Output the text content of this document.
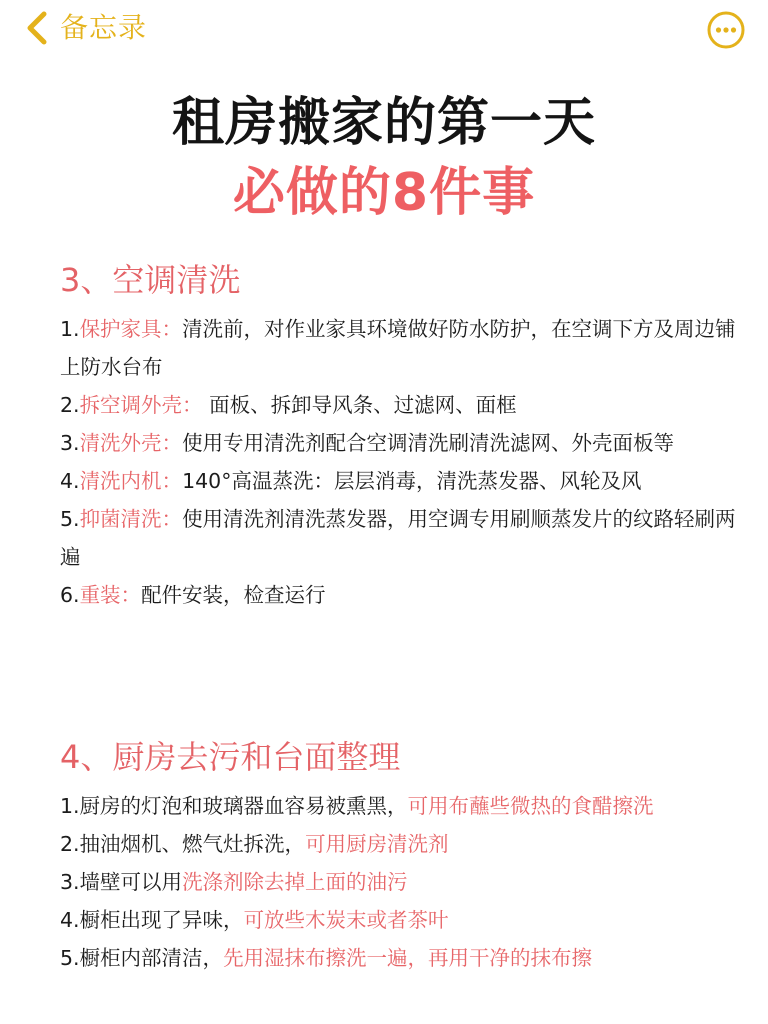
备忘录
租房搬家的第一天
必做的8件事
3、空调清洗

1.保护家具：清洗前，对作业家具环境做好防水防护，在空调下方及周边铺上防水台布

2.拆空调外壳： 面板、拆卸导风条、过滤网、面框

3.清洗外壳：使用专用清洗剂配合空调清洗刷清洗滤网、外壳面板等

4.清洗内机：140°高温蒸洗：层层消毒，清洗蒸发器、风轮及风

5.抑菌清洗：使用清洗剂清洗蒸发器，用空调专用刷顺蒸发片的纹路轻刷两遍

6.重装：配件安装，检查运行

4、厨房去污和台面整理

1.厨房的灯泡和玻璃器血容易被熏黑，可用布蘸些微热的食醋擦洗

2.抽油烟机、燃气灶拆洗，可用厨房清洗剂

3.墙壁可以用洗涤剂除去掉上面的油污

4.橱柜出现了异味，可放些木炭末或者茶叶

5.橱柜内部清洁，先用湿抹布擦洗一遍，再用干净的抹布擦
